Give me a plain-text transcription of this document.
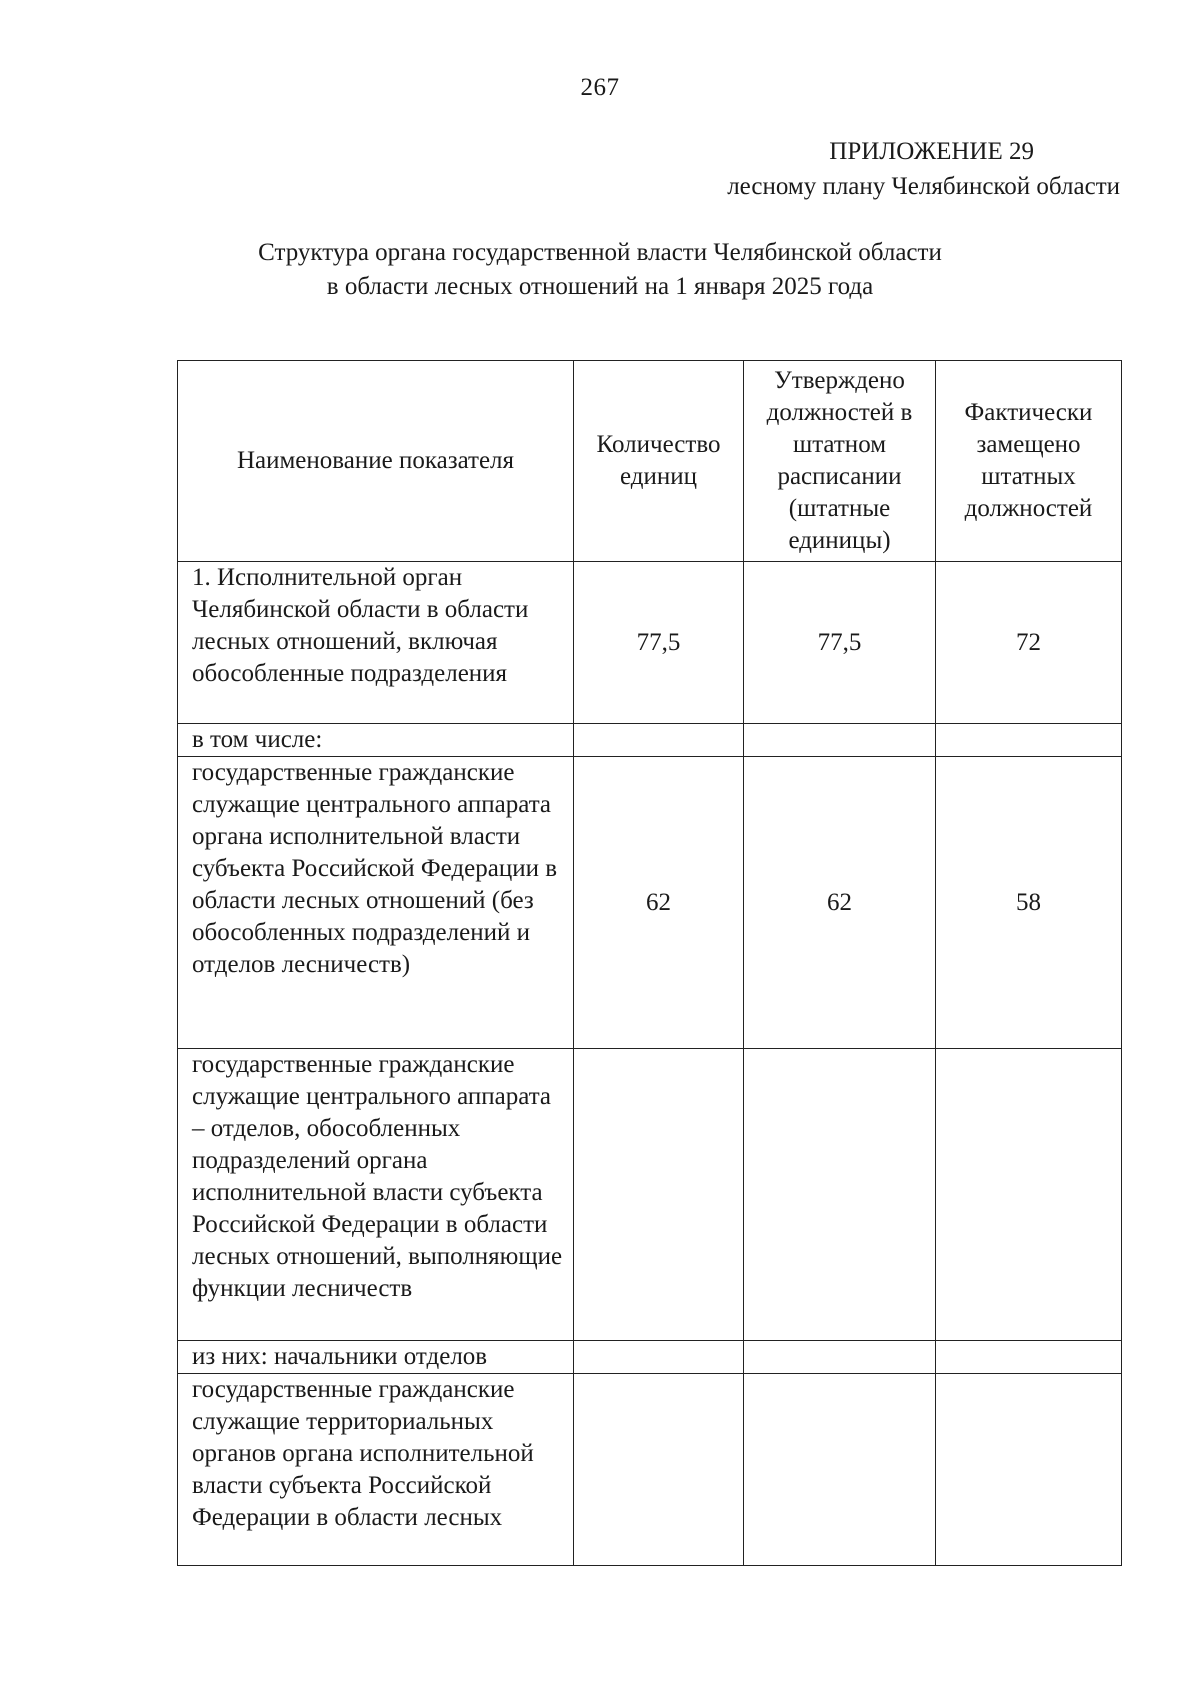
267
ПРИЛОЖЕНИЕ 29
лесному плану Челябинской области
Структура органа государственной власти Челябинской области
в области лесных отношений на 1 января 2025 года
Наименование показателя	Количество единиц	Утверждено должностей в штатном расписании (штатные единицы)	Фактически замещено штатных должностей

1. Исполнительной орган Челябинской области в области лесных отношений, включая обособленные подразделения	77,5	77,5	72
в том числе:			
государственные гражданские служащие центрального аппарата органа исполнительной власти субъекта Российской Федерации в области лесных отношений (без обособленных подразделений и отделов лесничеств)	62	62	58
государственные гражданские служащие центрального аппарата – отделов, обособленных подразделений органа исполнительной власти субъекта Российской Федерации в области лесных отношений, выполняющие функции лесничеств			
из них: начальники отделов			
государственные гражданские служащие территориальных органов органа исполнительной власти субъекта Российской Федерации в области лесных			
